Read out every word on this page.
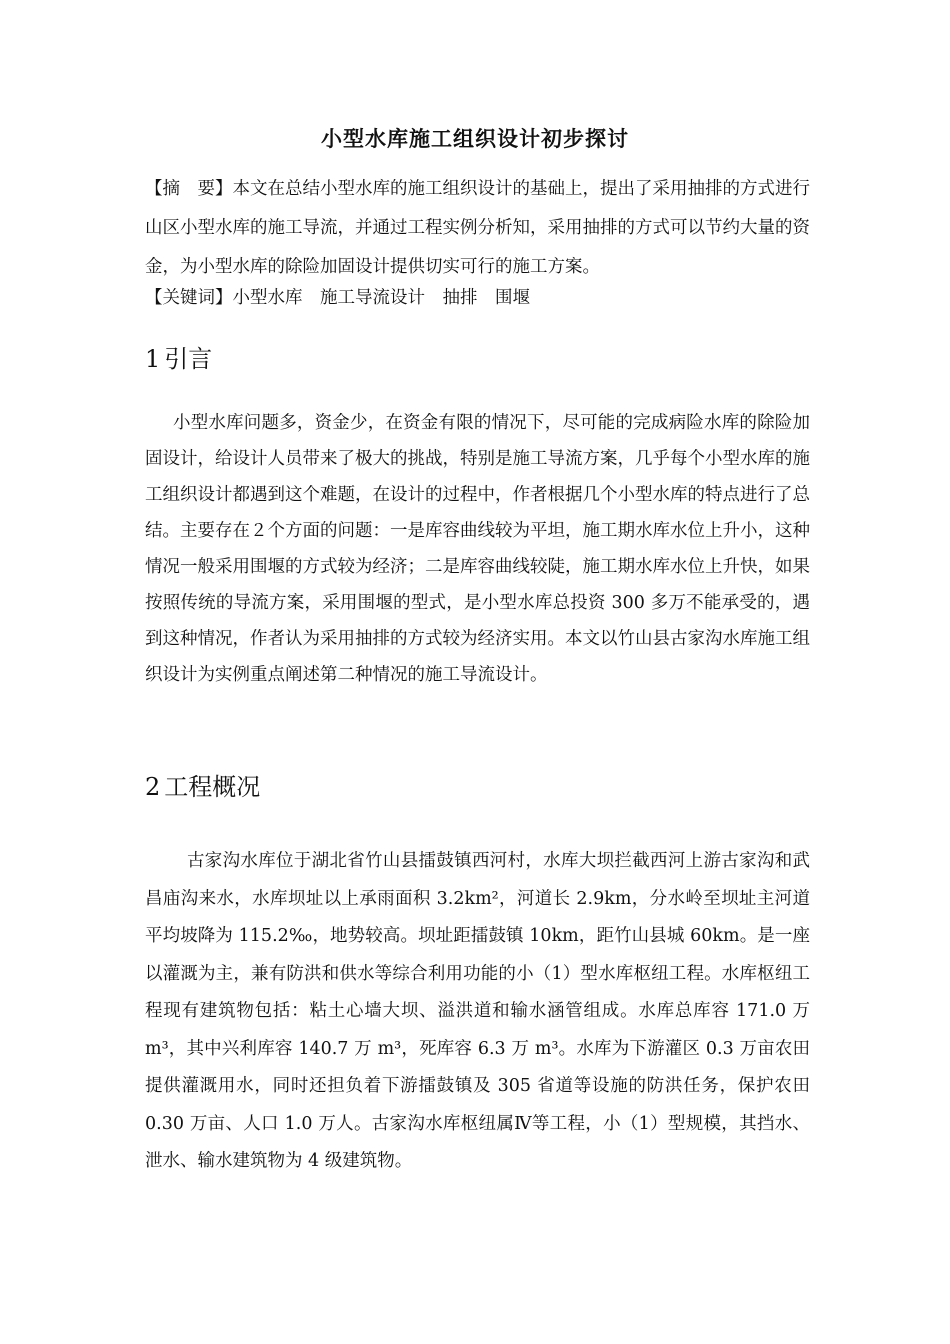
小型水库施工组织设计初步探讨

【摘　要】本文在总结小型水库的施工组织设计的基础上，提出了采用抽排的方式进行山区小型水库的施工导流，并通过工程实例分析知，采用抽排的方式可以节约大量的资金，为小型水库的除险加固设计提供切实可行的施工方案。

【关键词】小型水库　施工导流设计　抽排　围堰

1 引言

小型水库问题多，资金少，在资金有限的情况下，尽可能的完成病险水库的除险加固设计，给设计人员带来了极大的挑战，特别是施工导流方案，几乎每个小型水库的施工组织设计都遇到这个难题，在设计的过程中，作者根据几个小型水库的特点进行了总结。主要存在２个方面的问题：一是库容曲线较为平坦，施工期水库水位上升小，这种情况一般采用围堰的方式较为经济；二是库容曲线较陡，施工期水库水位上升快，如果按照传统的导流方案，采用围堰的型式，是小型水库总投资 300 多万不能承受的，遇到这种情况，作者认为采用抽排的方式较为经济实用。本文以竹山县古家沟水库施工组织设计为实例重点阐述第二种情况的施工导流设计。

2 工程概况

古家沟水库位于湖北省竹山县擂鼓镇西河村，水库大坝拦截西河上游古家沟和武昌庙沟来水，水库坝址以上承雨面积 3.2km²，河道长 2.9km，分水岭至坝址主河道平均坡降为 115.2‰，地势较高。坝址距擂鼓镇 10km，距竹山县城 60km。是一座以灌溉为主，兼有防洪和供水等综合利用功能的小（1）型水库枢纽工程。水库枢纽工程现有建筑物包括：粘土心墙大坝、溢洪道和输水涵管组成。水库总库容 171.0 万 m³，其中兴利库容 140.7 万 m³，死库容 6.3 万 m³。水库为下游灌区 0.3 万亩农田提供灌溉用水，同时还担负着下游擂鼓镇及 305 省道等设施的防洪任务，保护农田 0.30 万亩、人口 1.0 万人。古家沟水库枢纽属Ⅳ等工程，小（1）型规模，其挡水、泄水、输水建筑物为 4 级建筑物。
